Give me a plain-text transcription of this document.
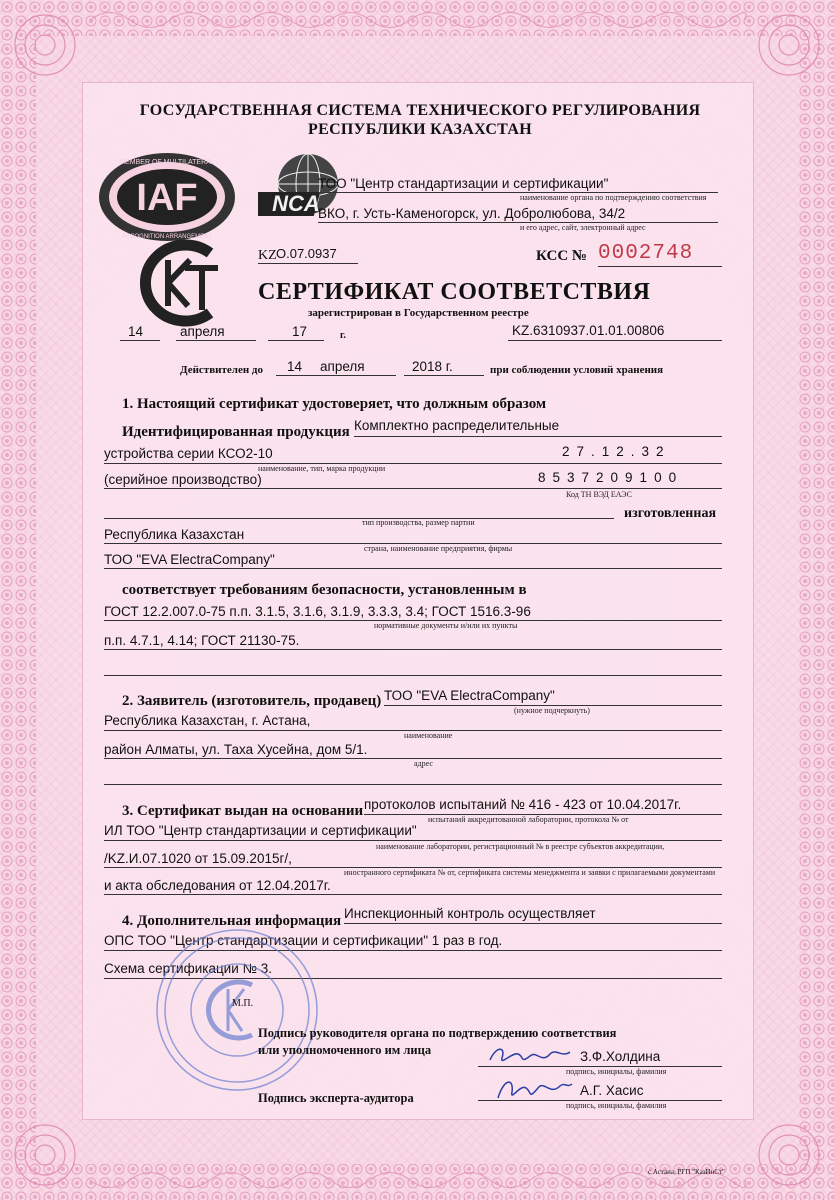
ГОСУДАРСТВЕННАЯ СИСТЕМА ТЕХНИЧЕСКОГО РЕГУЛИРОВАНИЯ
РЕСПУБЛИКИ КАЗАХСТАН
IAF
MEMBER OF MULTILATERAL
RECOGNITION ARRANGEMENT
NCA
ТОО "Центр стандартизации и сертификации"
наименование органа по подтверждению соответствия
ВКО, г. Усть-Каменогорск, ул. Добролюбова, 34/2
и его адрес, сайт, электронный адрес
KZ О.07.0937	КСС № 0002748
СЕРТИФИКАТ СООТВЕТСТВИЯ
зарегистрирован в Государственном реестре
14	апреля	17	г.	KZ.6310937.01.01.00806
Действителен до 14 апреля	2018 г.	при соблюдении условий хранения
1. Настоящий сертификат удостоверяет, что должным образом
Идентифицированная продукция Комплектно распределительные
устройства серии КСО2-10	27.12.32
наименование, тип, марка продукции
(серийное производство)	8537209100
Код ТН ВЭД ЕАЭС
изготовленная
тип производства, размер партии
Республика Казахстан
страна, наименование предприятия, фирмы
ТОО "EVA ElectraCompany"
соответствует требованиям безопасности, установленным в
ГОСТ 12.2.007.0-75 п.п. 3.1.5, 3.1.6, 3.1.9, 3.3.3, 3.4; ГОСТ 1516.3-96
нормативные документы и/или их пункты
п.п. 4.7.1, 4.14; ГОСТ 21130-75.
2. Заявитель (изготовитель, продавец) ТОО "EVA ElectraCompany"
(нужное подчеркнуть)
Республика Казахстан, г. Астана,
наименование
район Алматы, ул. Таха Хусейна, дом 5/1.
адрес
3. Сертификат выдан на основании протоколов испытаний № 416 - 423 от 10.04.2017г.
испытаний аккредитованной лаборатории, протокола № от
ИЛ ТОО "Центр стандартизации и сертификации"
наименование лаборатории, регистрационный № в реестре субъектов аккредитации,
/KZ.И.07.1020 от 15.09.2015г/,
иностранного сертификата № от, сертификата системы менеджмента и заявки с прилагаемыми документами
и акта обследования от 12.04.2017г.
4. Дополнительная информация Инспекционный контроль осуществляет
ОПС ТОО "Центр стандартизации и сертификации" 1 раз в год.
Схема сертификации № 3.
М.П.
Подпись руководителя органа по подтверждению соответствия
или уполномоченного им лица	З.Ф.Холдина
подпись, инициалы, фамилия
Подпись эксперта-аудитора	А.Г. Хасис
подпись, инициалы, фамилия
с Астана, РГП "КазИнСт"
